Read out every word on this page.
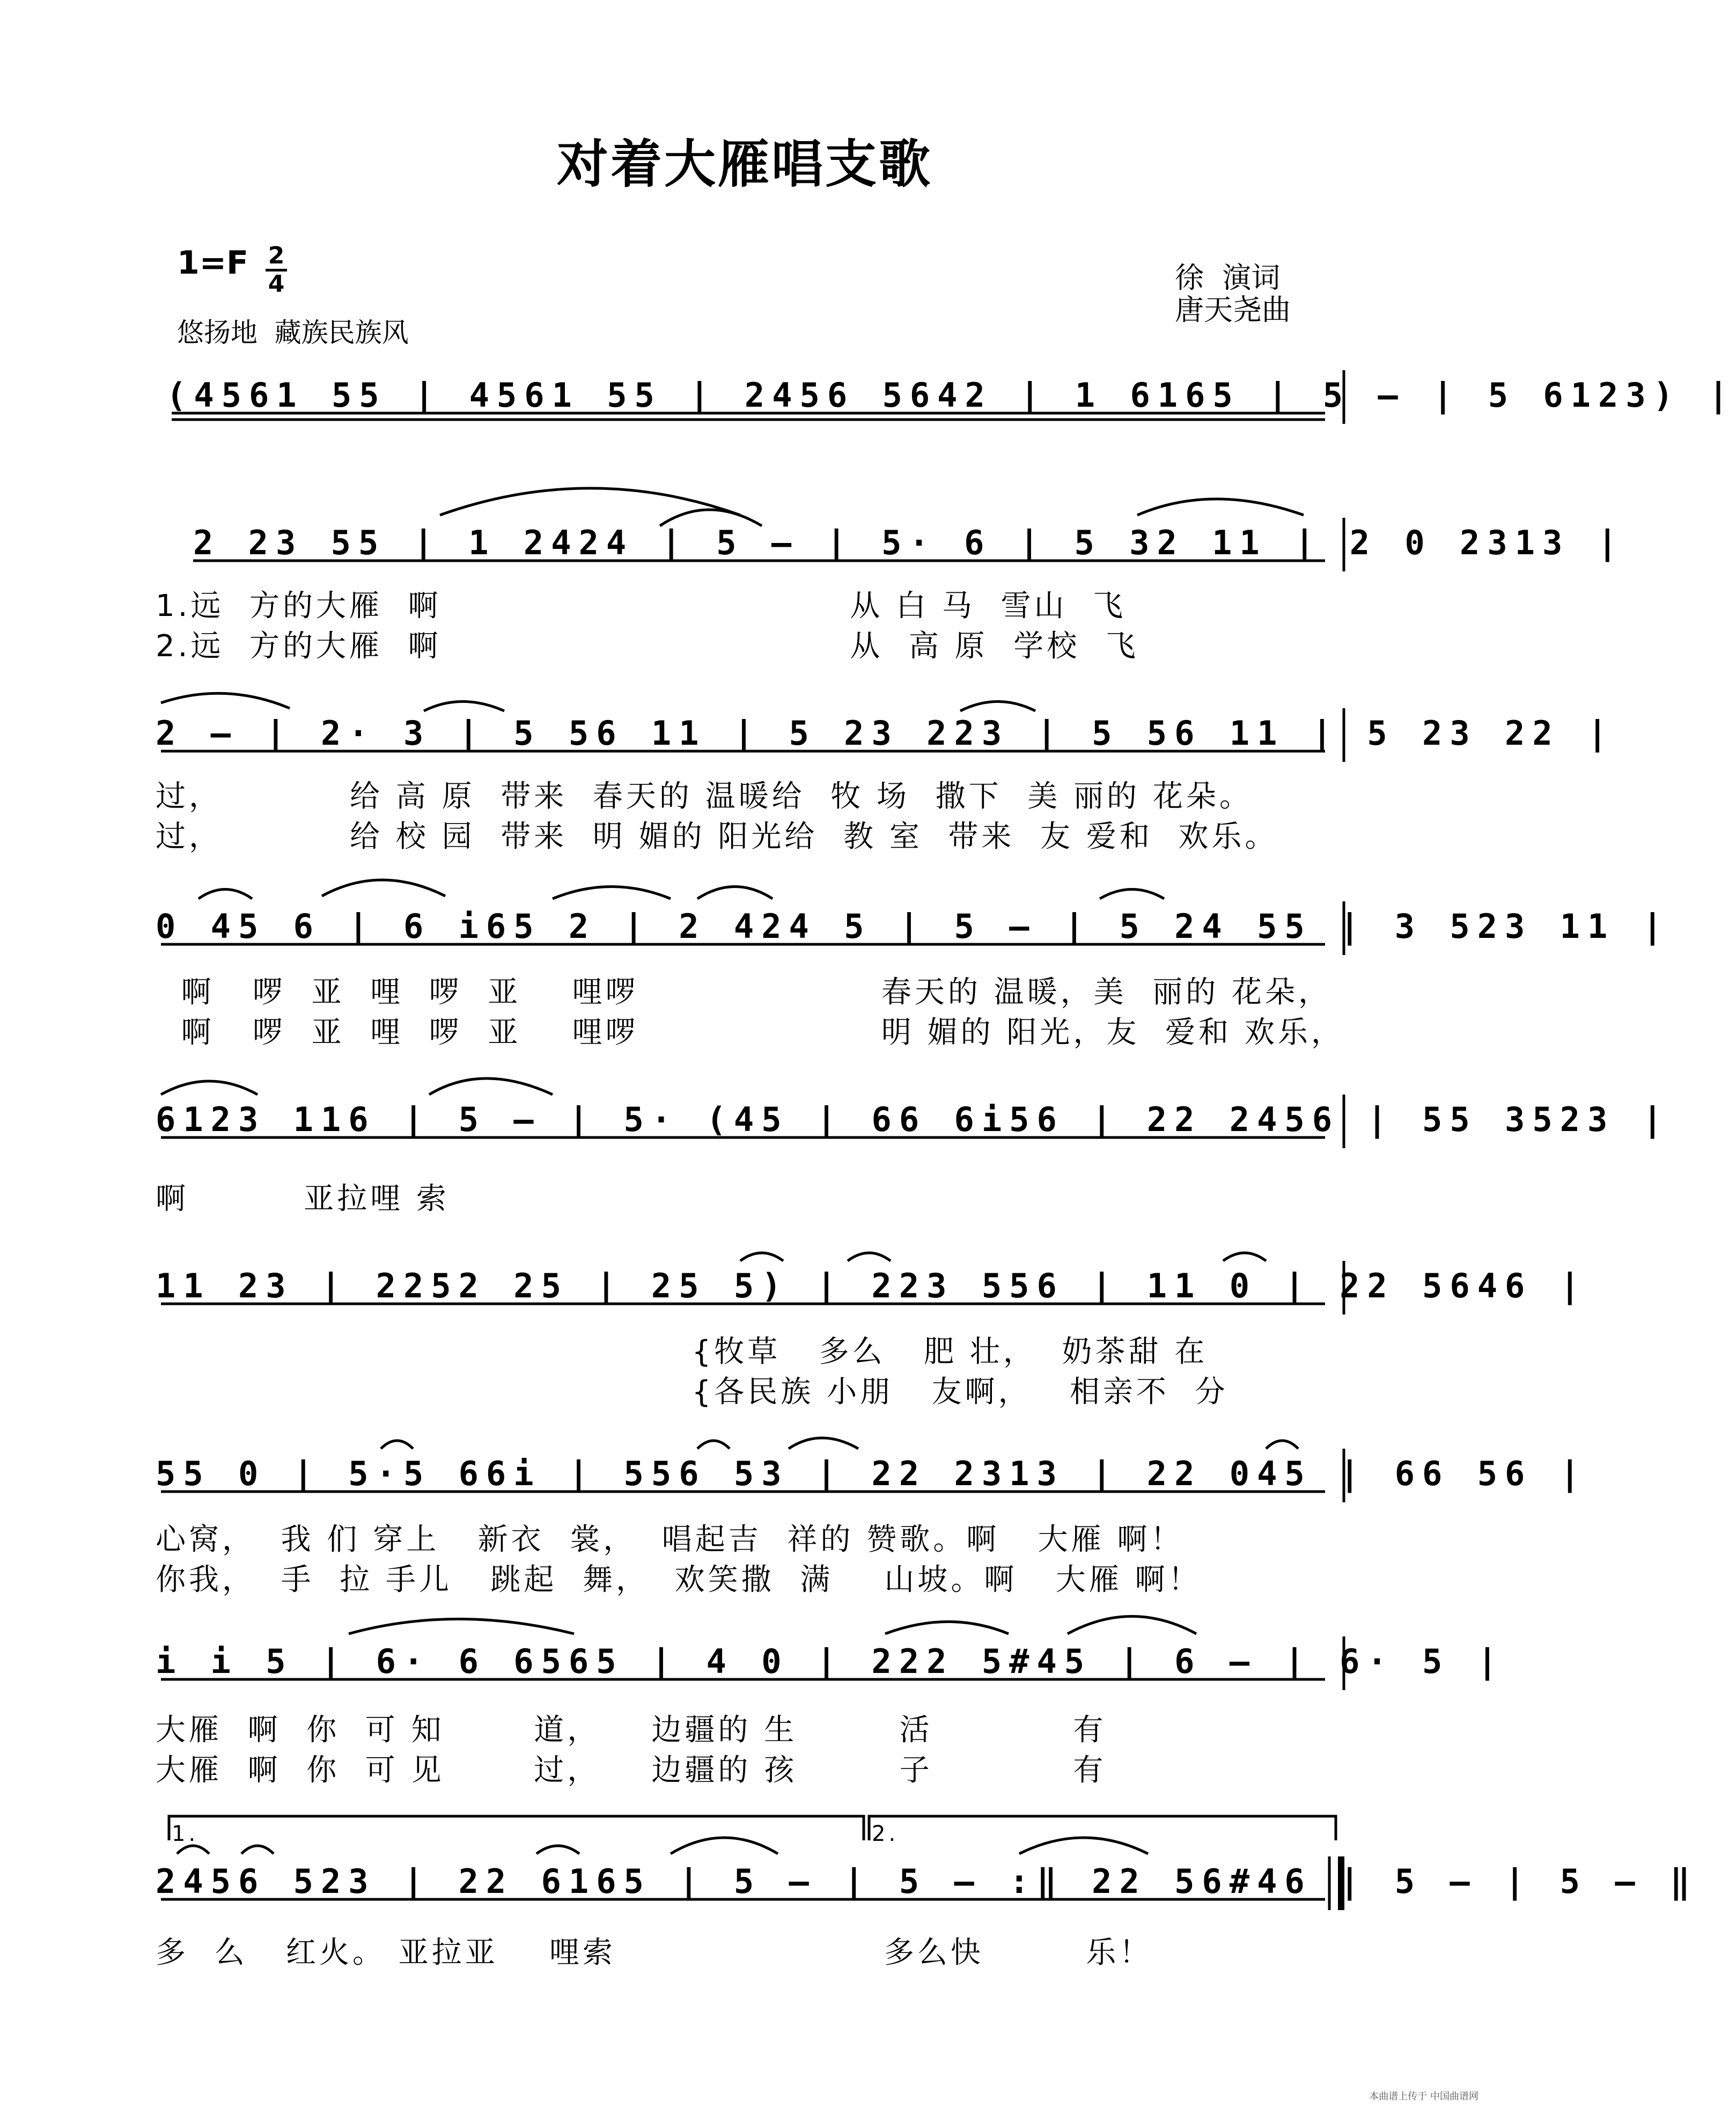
对着大雁唱支歌
1=F 2
4
悠扬地  藏族民族风
徐  演词
唐天尧曲
(4561 55 | 4561 55 | 2456 5642 | 1 6165 | 5 – | 5 6123) |
2 23 55 | 1 2424 | 5 – | 5· 6 | 5 32 11 | 2 0 2313 |
1.远  方的大雁  啊                                从 白 马  雪山  飞
2.远  方的大雁  啊                                从  高 原  学校  飞
2 – | 2· 3 | 5 56 11 | 5 23 223 | 5 56 11 | 5 23 22 |
过，          给 高 原  带来  春天的 温暖给  牧 场  撒下  美 丽的 花朵。
过，          给 校 园  带来  明 媚的 阳光给  教 室  带来  友 爱和  欢乐。
0 45 6 | 6 i65 2 | 2 424 5 | 5 – | 5 24 55 | 3 523 11 |
啊   啰  亚  哩  啰  亚    哩啰                   春天的 温暖，美  丽的 花朵，
啊   啰  亚  哩  啰  亚    哩啰                   明 媚的 阳光，友  爱和 欢乐，
6123 116 | 5 – | 5· (45 | 66 6i56 | 22 2456 | 55 3523 |
啊         亚拉哩 索
11 23 | 2252 25 | 25 5) | 223 556 | 11 0 | 22 5646 |
{牧草   多么   肥 壮，  奶茶甜 在
{各民族 小朋   友啊，   相亲不  分
55 0 | 5·5 66i | 556 53 | 22 2313 | 22 045 | 66 56 |
心窝，  我 们 穿上   新衣  裳，  唱起吉  祥的 赞歌。啊   大雁 啊！
你我，  手  拉 手儿   跳起  舞，  欢笑撒  满    山坡。啊   大雁 啊！
i i 5 | 6· 6 6565 | 4 0 | 222 5#45 | 6 – | 6· 5 |
大雁  啊  你  可 知       道，    边疆的 生        活           有
大雁  啊  你  可 见       过，    边疆的 孩        子           有
1.	2.
2456 523 | 22 6165 | 5 – | 5 – :‖ 22 56#46 | 5 – | 5 – ‖
多  么   红火。 亚拉亚    哩索                     多么快        乐！
本曲谱上传于 中国曲谱网
